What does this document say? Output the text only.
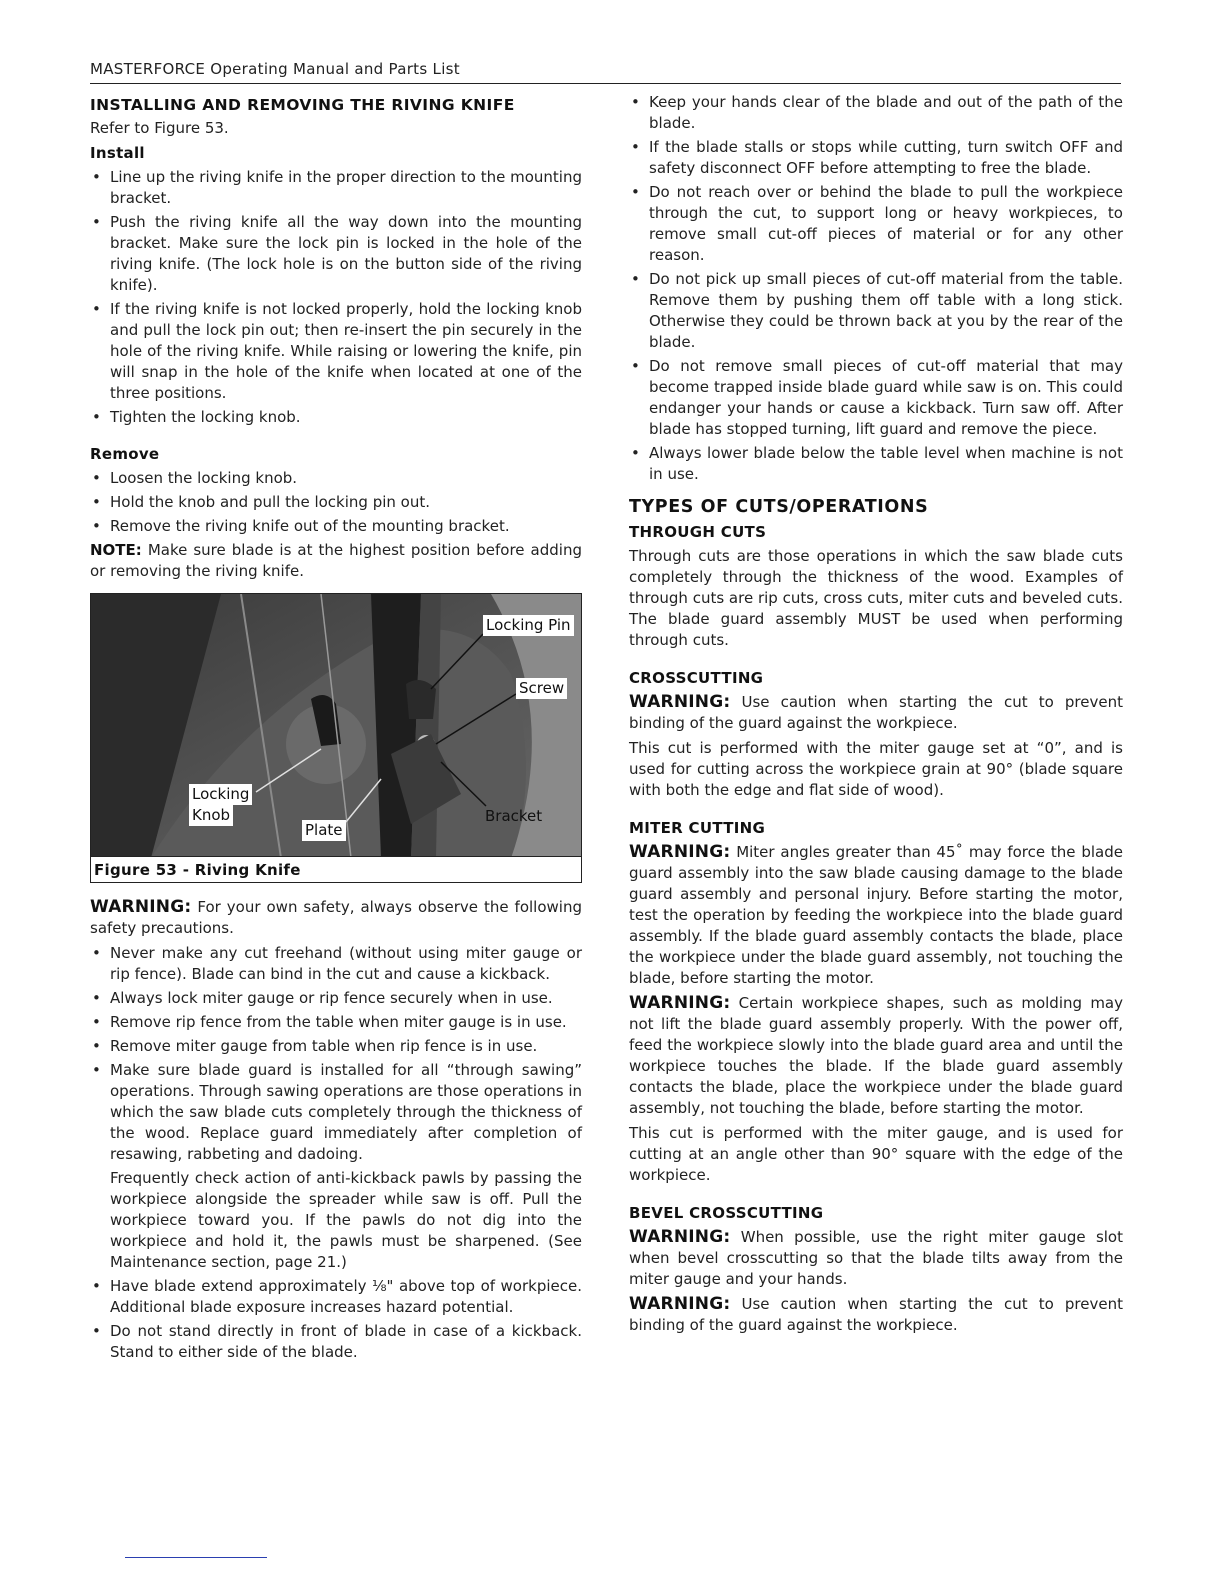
MASTERFORCE Operating Manual and Parts List
INSTALLING AND REMOVING THE RIVING KNIFE

Refer to Figure 53.

Install
• Line up the riving knife in the proper direction to the mounting bracket.
• Push the riving knife all the way down into the mounting bracket. Make sure the lock pin is locked in the hole of the riving knife. (The lock hole is on the button side of the riving knife).
• If the riving knife is not locked properly, hold the locking knob and pull the lock pin out; then re-insert the pin securely in the hole of the riving knife. While raising or lowering the knife, pin will snap in the hole of the knife when located at one of the three positions.
• Tighten the locking knob.
Remove
• Loosen the locking knob.
• Hold the knob and pull the locking pin out.
• Remove the riving knife out of the mounting bracket.

NOTE: Make sure blade is at the highest position before adding or removing the riving knife.

Locking Pin
Screw
Locking
Knob
Plate
Bracket
Figure 53 - Riving Knife

WARNING: For your own safety, always observe the following safety precautions.

• Never make any cut freehand (without using miter gauge or rip fence). Blade can bind in the cut and cause a kickback.
• Always lock miter gauge or rip fence securely when in use.
• Remove rip fence from the table when miter gauge is in use.
• Remove miter gauge from table when rip fence is in use.
• Make sure blade guard is installed for all “through sawing” operations. Through sawing operations are those operations in which the saw blade cuts completely through the thickness of the wood. Replace guard immediately after completion of resawing, rabbeting and dadoing.

Frequently check action of anti-kickback pawls by passing the workpiece alongside the spreader while saw is off. Pull the workpiece toward you. If the pawls do not dig into the workpiece and hold it, the pawls must be sharpened. (See Maintenance section, page 21.)

• Have blade extend approximately ⅛" above top of workpiece. Additional blade exposure increases hazard potential.
• Do not stand directly in front of blade in case of a kickback. Stand to either side of the blade.
• Keep your hands clear of the blade and out of the path of the blade.
• If the blade stalls or stops while cutting, turn switch OFF and safety disconnect OFF before attempting to free the blade.
• Do not reach over or behind the blade to pull the workpiece through the cut, to support long or heavy workpieces, to remove small cut-off pieces of material or for any other reason.
• Do not pick up small pieces of cut-off material from the table. Remove them by pushing them off table with a long stick. Otherwise they could be thrown back at you by the rear of the blade.
• Do not remove small pieces of cut-off material that may become trapped inside blade guard while saw is on. This could endanger your hands or cause a kickback. Turn saw off. After blade has stopped turning, lift guard and remove the piece.
• Always lower blade below the table level when machine is not in use.
TYPES OF CUTS/OPERATIONS
THROUGH CUTS

Through cuts are those operations in which the saw blade cuts completely through the thickness of the wood. Examples of through cuts are rip cuts, cross cuts, miter cuts and beveled cuts. The blade guard assembly MUST be used when performing through cuts.

CROSSCUTTING

WARNING: Use caution when starting the cut to prevent binding of the guard against the workpiece.

This cut is performed with the miter gauge set at “0”, and is used for cutting across the workpiece grain at 90° (blade square with both the edge and flat side of wood).

MITER CUTTING

WARNING: Miter angles greater than 45˚ may force the blade guard assembly into the saw blade causing damage to the blade guard assembly and personal injury. Before starting the motor, test the operation by feeding the workpiece into the blade guard assembly. If the blade guard assembly contacts the blade, place the workpiece under the blade guard assembly, not touching the blade, before starting the motor.

WARNING: Certain workpiece shapes, such as molding may not lift the blade guard assembly properly. With the power off, feed the workpiece slowly into the blade guard area and until the workpiece touches the blade. If the blade guard assembly contacts the blade, place the workpiece under the blade guard assembly, not touching the blade, before starting the motor.

This cut is performed with the miter gauge, and is used for cutting at an angle other than 90° square with the edge of the workpiece.

BEVEL CROSSCUTTING

WARNING: When possible, use the right miter gauge slot when bevel crosscutting so that the blade tilts away from the miter gauge and your hands.

WARNING: Use caution when starting the cut to prevent binding of the guard against the workpiece.
